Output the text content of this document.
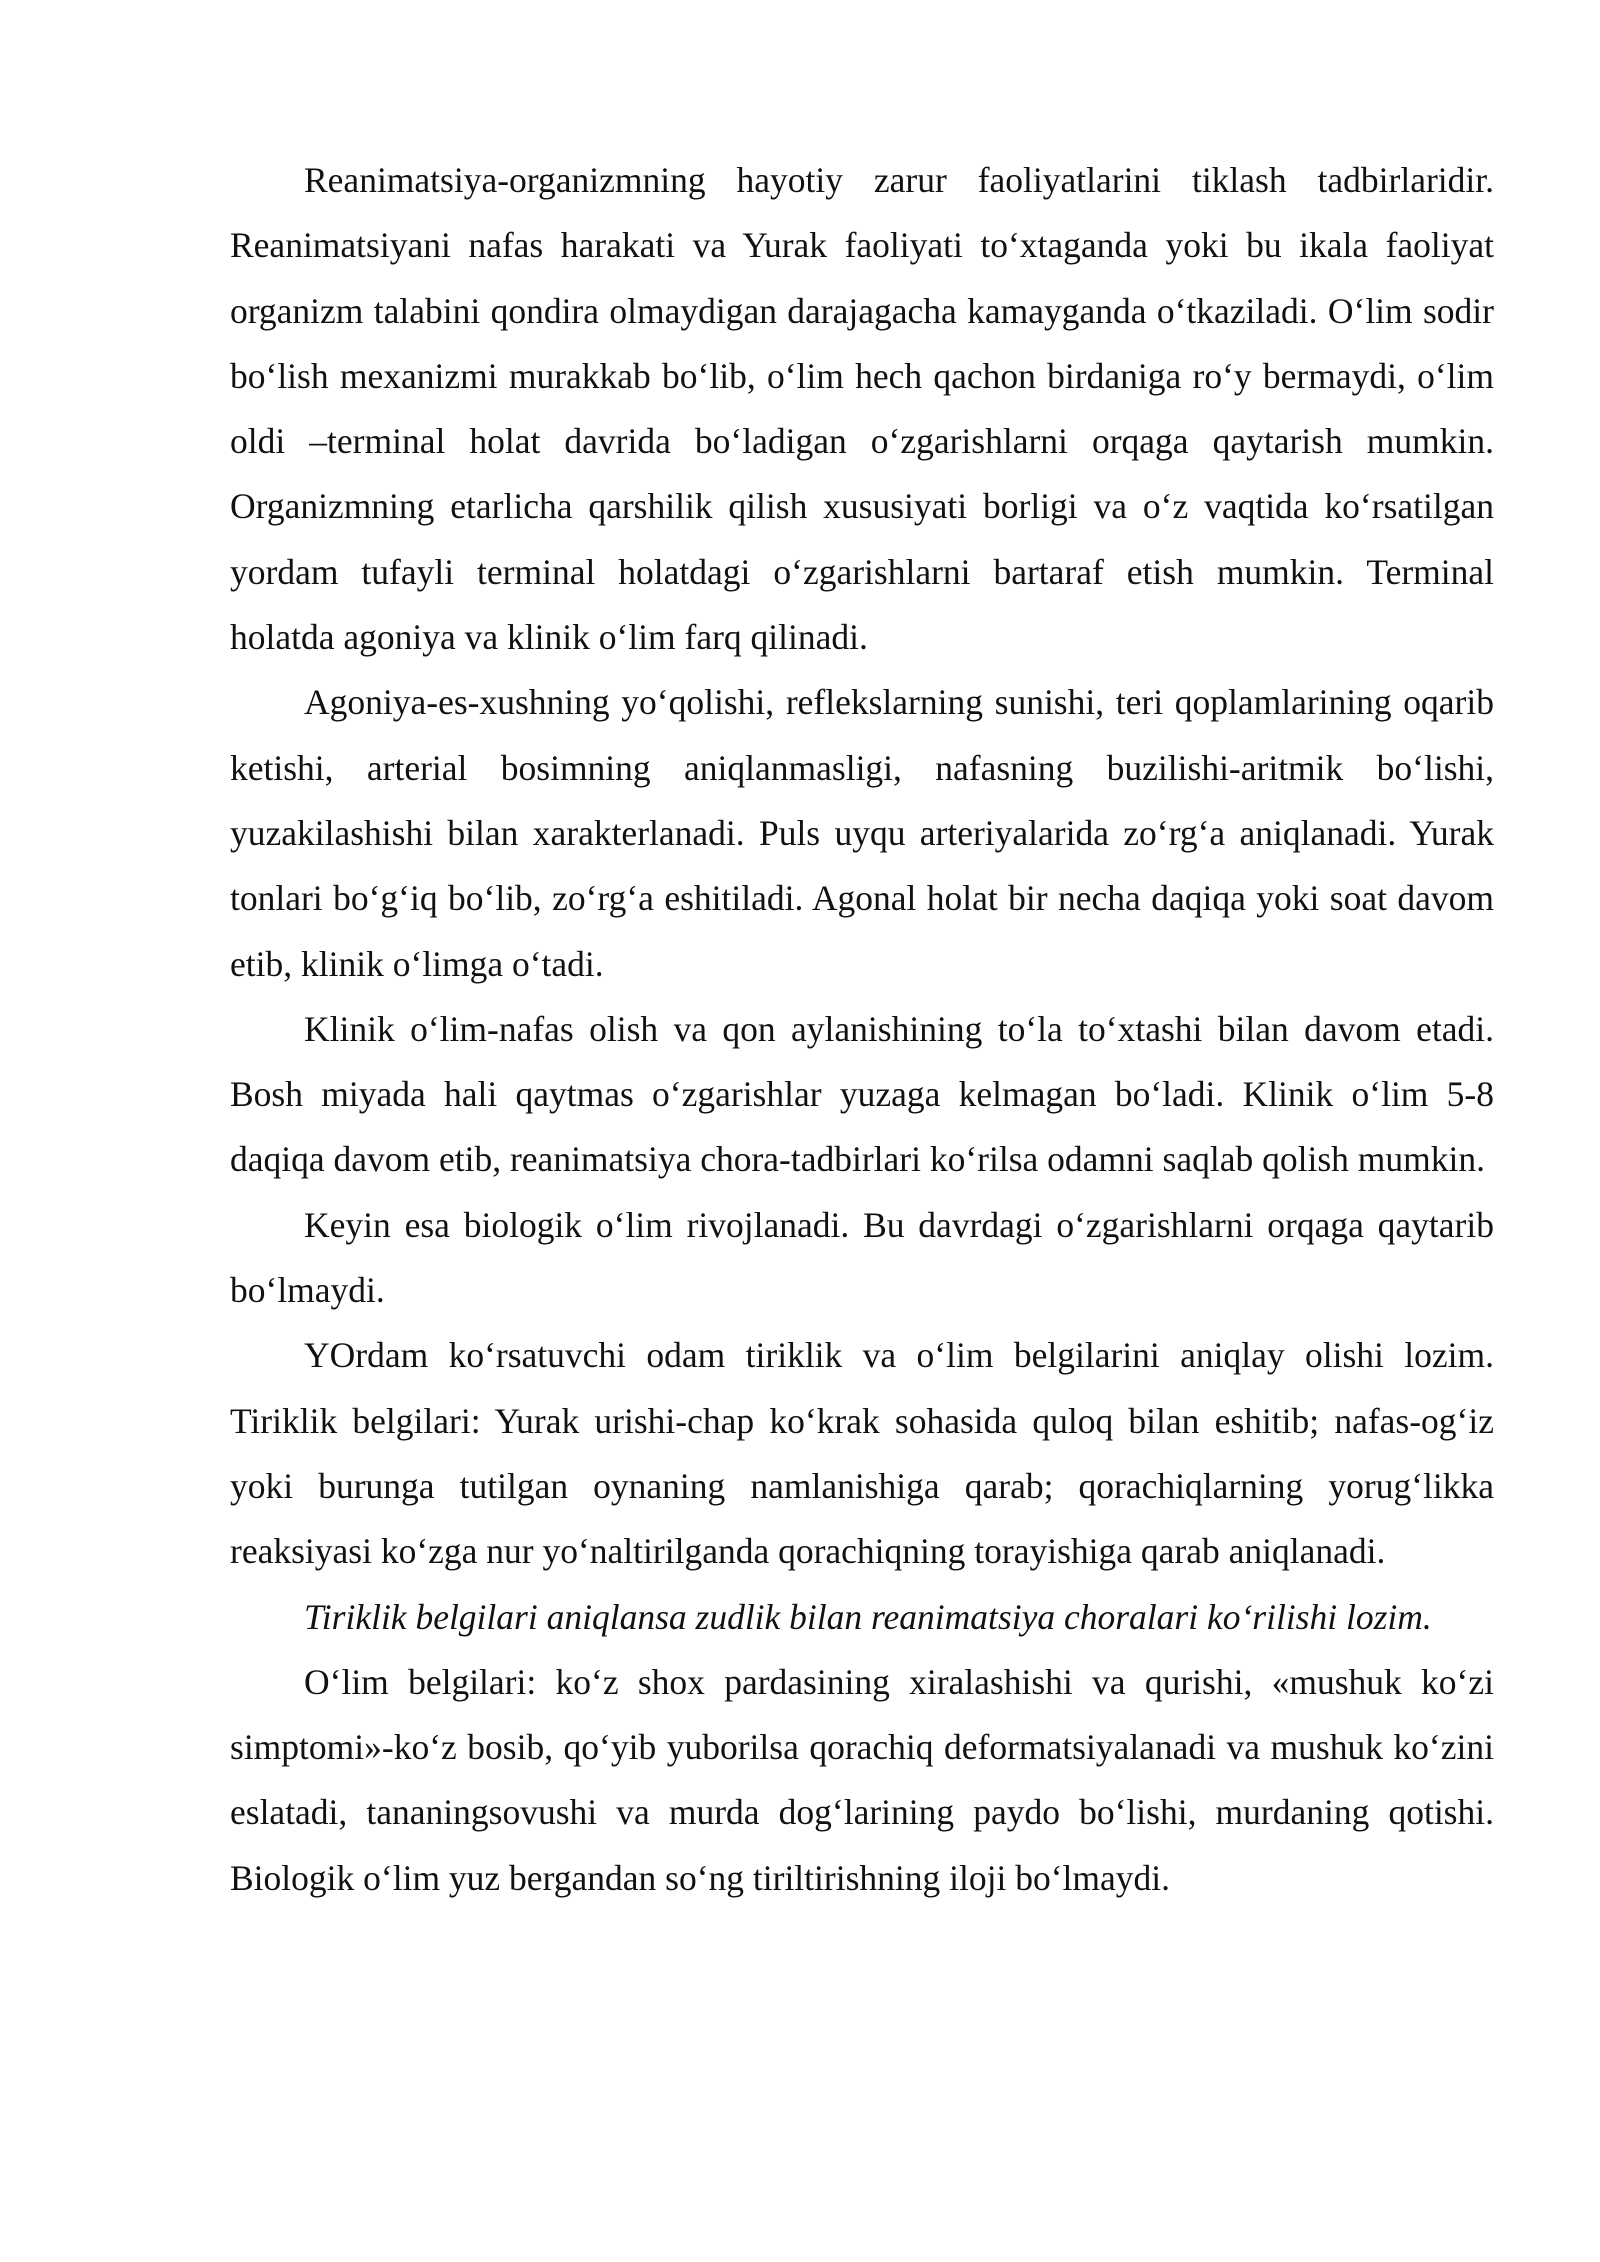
Reanimatsiya-organizmning hayotiy zarur faoliyatlarini tiklash tadbirlaridir. Reanimatsiyani nafas harakati va Yurak faoliyati to‘xtaganda yoki bu ikala faoliyat organizm talabini qondira olmaydigan darajagacha kamayganda o‘tkaziladi. O‘lim sodir bo‘lish mexanizmi murakkab bo‘lib, o‘lim hech qachon birdaniga ro‘y bermaydi, o‘lim oldi –terminal holat davrida bo‘ladigan o‘zgarishlarni orqaga qaytarish mumkin. Organizmning etarlicha qarshilik qilish xususiyati borligi va o‘z vaqtida ko‘rsatilgan yordam tufayli terminal holatdagi o‘zgarishlarni bartaraf etish mumkin. Terminal holatda agoniya va klinik o‘lim farq qilinadi.

Agoniya-es-xushning yo‘qolishi, reflekslarning sunishi, teri qoplamlarining oqarib ketishi, arterial bosimning aniqlanmasligi, nafasning buzilishi-aritmik bo‘lishi, yuzakilashishi bilan xarakterlanadi. Puls uyqu arteriyalarida zo‘rg‘a aniqlanadi. Yurak tonlari bo‘g‘iq bo‘lib, zo‘rg‘a eshitiladi. Agonal holat bir necha daqiqa yoki soat davom etib, klinik o‘limga o‘tadi.

Klinik o‘lim-nafas olish va qon aylanishining to‘la to‘xtashi bilan davom etadi. Bosh miyada hali qaytmas o‘zgarishlar yuzaga kelmagan bo‘ladi. Klinik o‘lim 5-8 daqiqa davom etib, reanimatsiya chora-tadbirlari ko‘rilsa odamni saqlab qolish mumkin.

Keyin esa biologik o‘lim rivojlanadi. Bu davrdagi o‘zgarishlarni orqaga qaytarib bo‘lmaydi.

YOrdam ko‘rsatuvchi odam tiriklik va o‘lim belgilarini aniqlay olishi lozim. Tiriklik belgilari: Yurak urishi-chap ko‘krak sohasida quloq bilan eshitib; nafas-og‘iz yoki burunga tutilgan oynaning namlanishiga qarab; qorachiqlarning yorug‘likka reaksiyasi ko‘zga nur yo‘naltirilganda qorachiqning torayishiga qarab aniqlanadi.

Tiriklik belgilari aniqlansa zudlik bilan reanimatsiya choralari ko‘rilishi lozim.

O‘lim belgilari: ko‘z shox pardasining xiralashishi va qurishi, «mushuk ko‘zi simptomi»-ko‘z bosib, qo‘yib yuborilsa qorachiq deformatsiyalanadi va mushuk ko‘zini eslatadi, tananingsovushi va murda dog‘larining paydo bo‘lishi, murdaning qotishi. Biologik o‘lim yuz bergandan so‘ng tiriltirishning iloji bo‘lmaydi.
